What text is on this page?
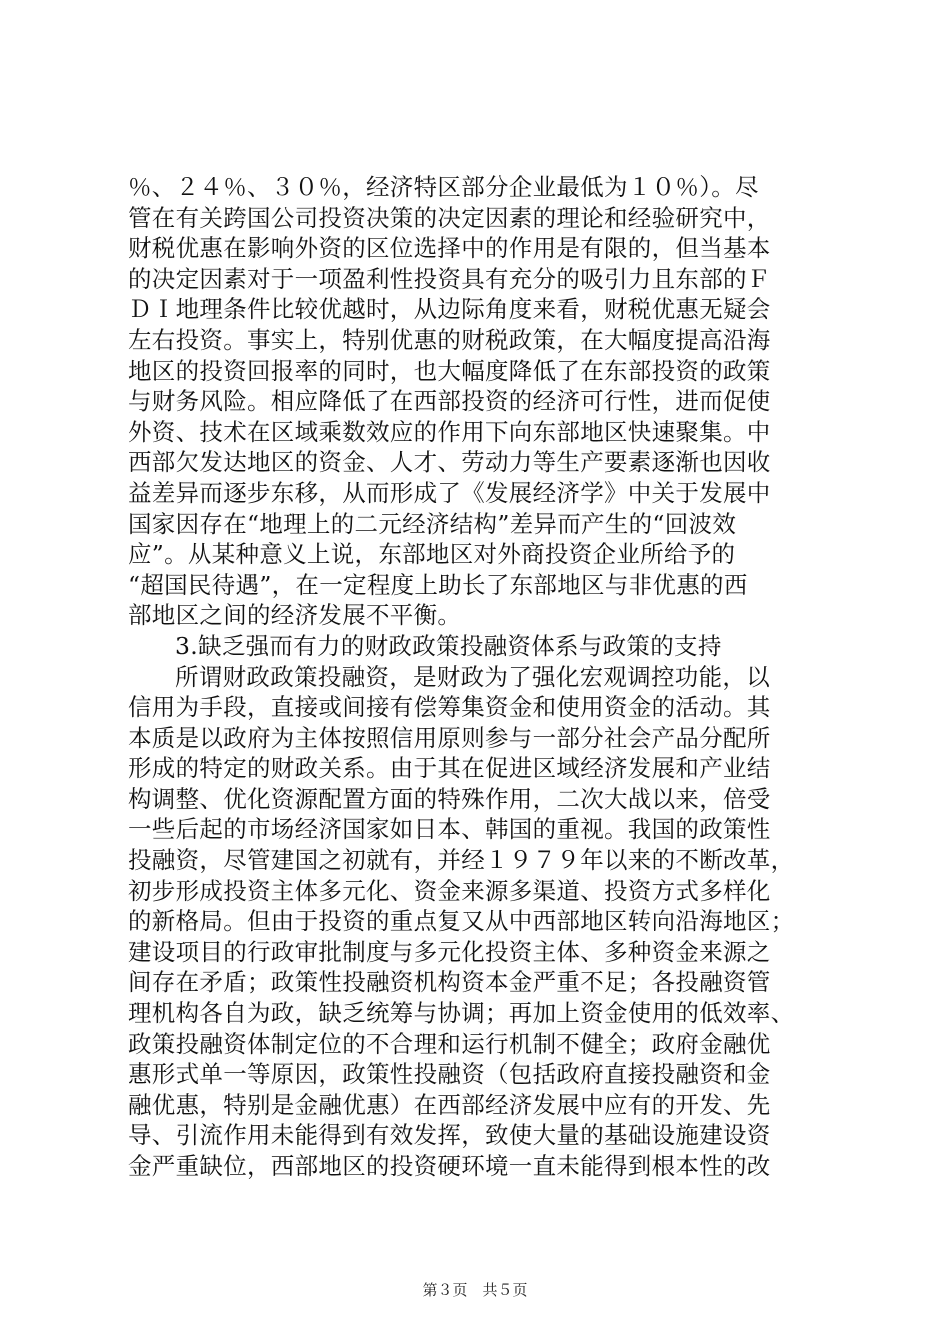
％、２４％、３０％，经济特区部分企业最低为１０％）。尽
管在有关跨国公司投资决策的决定因素的理论和经验研究中，
财税优惠在影响外资的区位选择中的作用是有限的，但当基本
的决定因素对于一项盈利性投资具有充分的吸引力且东部的Ｆ
ＤＩ地理条件比较优越时，从边际角度来看，财税优惠无疑会
左右投资。事实上，特别优惠的财税政策，在大幅度提高沿海
地区的投资回报率的同时，也大幅度降低了在东部投资的政策
与财务风险。相应降低了在西部投资的经济可行性，进而促使
外资、技术在区域乘数效应的作用下向东部地区快速聚集。中
西部欠发达地区的资金、人才、劳动力等生产要素逐渐也因收
益差异而逐步东移，从而形成了《发展经济学》中关于发展中
国家因存在“地理上的二元经济结构”差异而产生的“回波效
应”。从某种意义上说，东部地区对外商投资企业所给予的
“超国民待遇”，在一定程度上助长了东部地区与非优惠的西
部地区之间的经济发展不平衡。
3.缺乏强而有力的财政政策投融资体系与政策的支持
所谓财政政策投融资，是财政为了强化宏观调控功能，以
信用为手段，直接或间接有偿筹集资金和使用资金的活动。其
本质是以政府为主体按照信用原则参与一部分社会产品分配所
形成的特定的财政关系。由于其在促进区域经济发展和产业结
构调整、优化资源配置方面的特殊作用，二次大战以来，倍受
一些后起的市场经济国家如日本、韩国的重视。我国的政策性
投融资，尽管建国之初就有，并经１９７９年以来的不断改革，
初步形成投资主体多元化、资金来源多渠道、投资方式多样化
的新格局。但由于投资的重点复又从中西部地区转向沿海地区；
建设项目的行政审批制度与多元化投资主体、多种资金来源之
间存在矛盾；政策性投融资机构资本金严重不足；各投融资管
理机构各自为政，缺乏统筹与协调；再加上资金使用的低效率、
政策投融资体制定位的不合理和运行机制不健全；政府金融优
惠形式单一等原因，政策性投融资（包括政府直接投融资和金
融优惠，特别是金融优惠）在西部经济发展中应有的开发、先
导、引流作用未能得到有效发挥，致使大量的基础设施建设资
金严重缺位，西部地区的投资硬环境一直未能得到根本性的改
第３页　共５页
